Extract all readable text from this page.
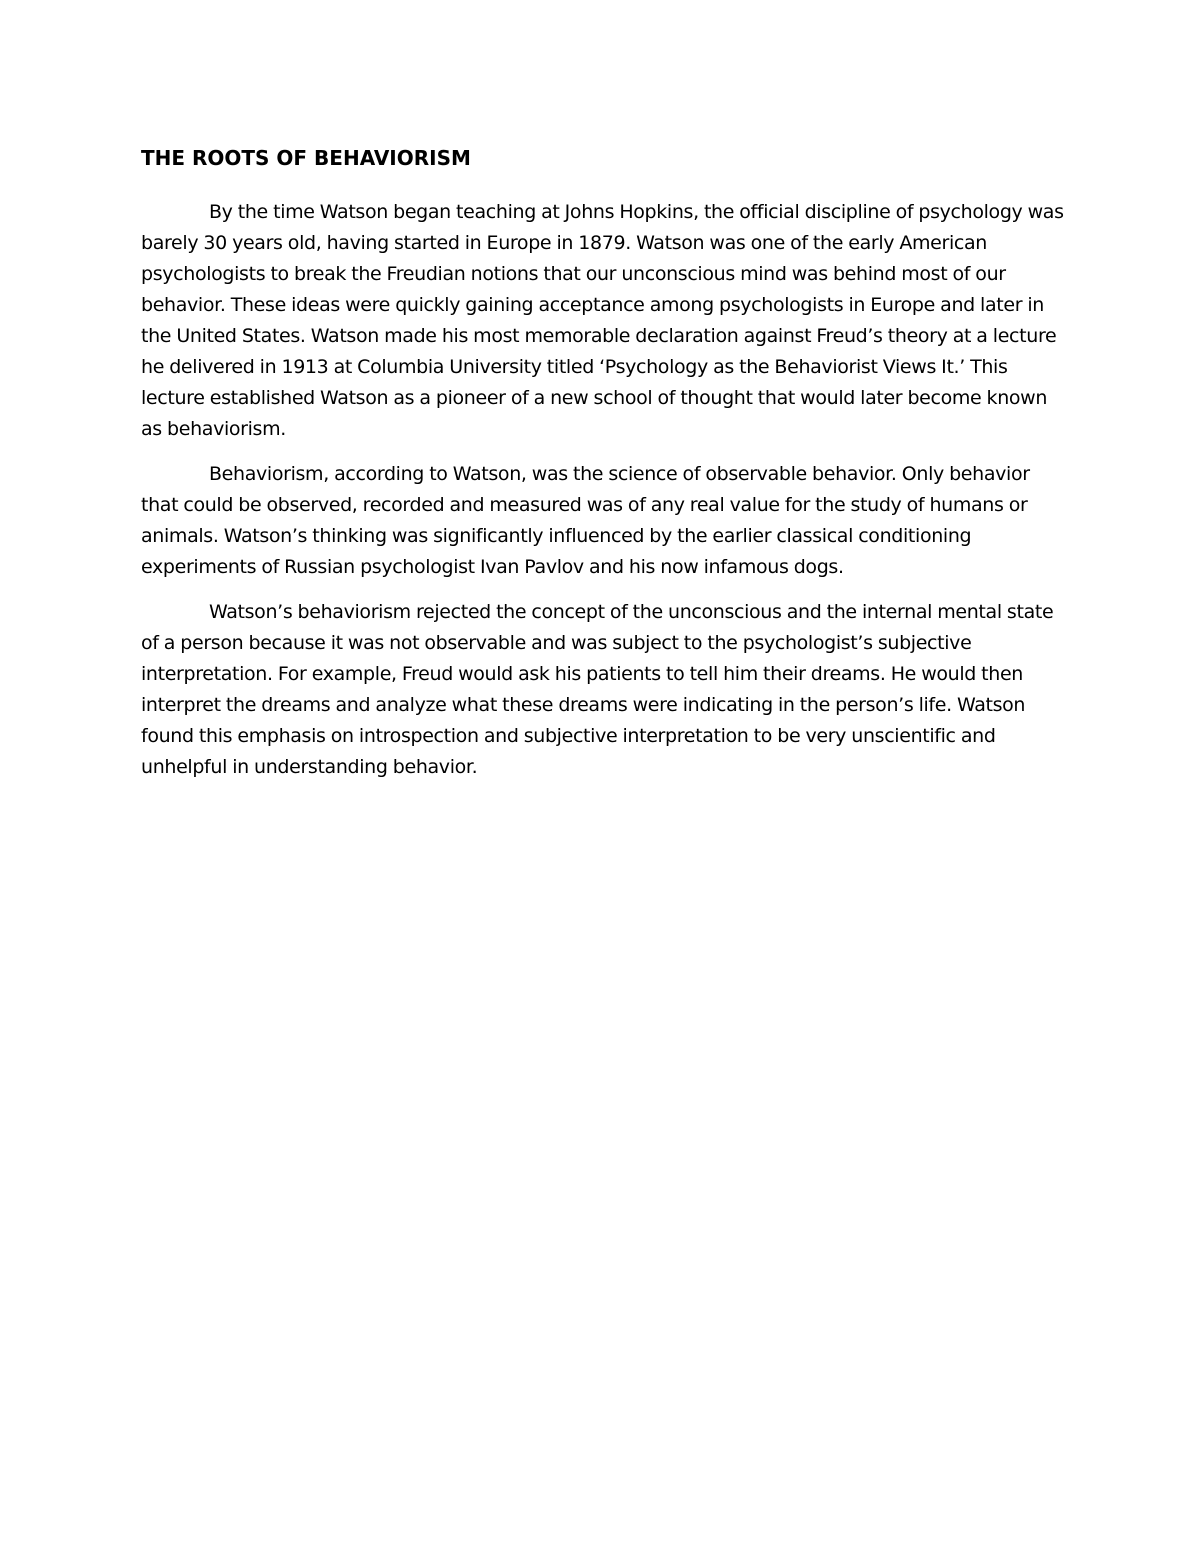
THE ROOTS OF BEHAVIORISM

By the time Watson began teaching at Johns Hopkins, the official discipline of psychology was barely 30 years old, having started in Europe in 1879. Watson was one of the early American psychologists to break the Freudian notions that our unconscious mind was behind most of our behavior. These ideas were quickly gaining acceptance among psychologists in Europe and later in the United States. Watson made his most memorable declaration against Freud’s theory at a lecture he delivered in 1913 at Columbia University titled ‘Psychology as the Behaviorist Views It.’ This lecture established Watson as a pioneer of a new school of thought that would later become known as behaviorism.

Behaviorism, according to Watson, was the science of observable behavior. Only behavior that could be observed, recorded and measured was of any real value for the study of humans or animals. Watson’s thinking was significantly influenced by the earlier classical conditioning experiments of Russian psychologist Ivan Pavlov and his now infamous dogs.

Watson’s behaviorism rejected the concept of the unconscious and the internal mental state of a person because it was not observable and was subject to the psychologist’s subjective interpretation. For example, Freud would ask his patients to tell him their dreams. He would then interpret the dreams and analyze what these dreams were indicating in the person’s life. Watson found this emphasis on introspection and subjective interpretation to be very unscientific and unhelpful in understanding behavior.
